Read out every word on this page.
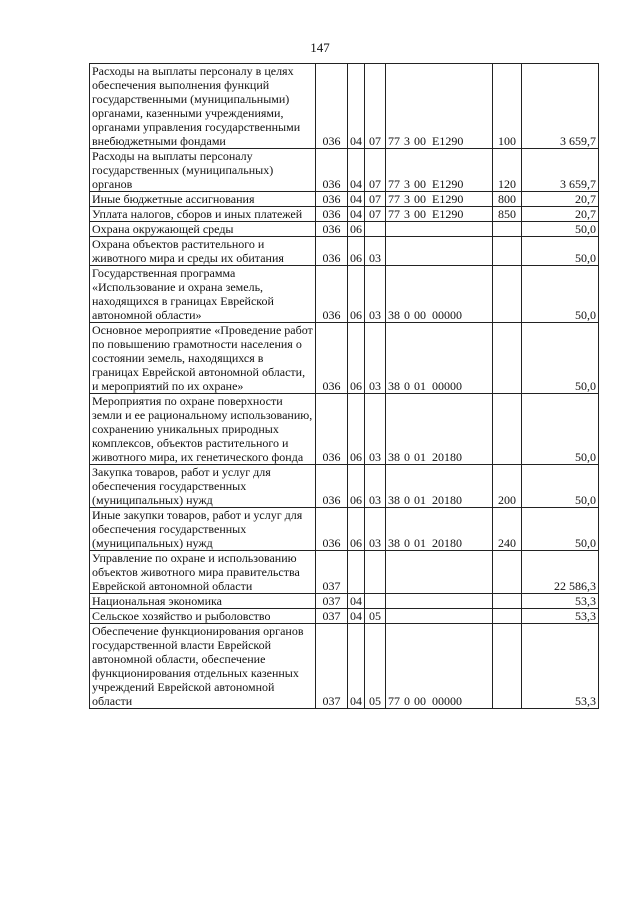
147
Расходы на выплаты персоналу в целях обеспечения выполнения функций государственными (муниципальными) органами, казенными учреждениями, органами управления государственными внебюджетными фондами	036	04	07	77 3 00 Е1290	100	3 659,7
Расходы на выплаты персоналу государственных (муниципальных) органов	036	04	07	77 3 00 Е1290	120	3 659,7
Иные бюджетные ассигнования	036	04	07	77 3 00 Е1290	800	20,7
Уплата налогов, сборов и иных платежей	036	04	07	77 3 00 Е1290	850	20,7
Охрана окружающей среды	036	06				50,0
Охрана объектов растительного и животного мира и среды их обитания	036	06	03			50,0
Государственная программа «Использование и охрана земель, находящихся в границах Еврейской автономной области»	036	06	03	38 0 00 00000		50,0
Основное мероприятие «Проведение работ по повышению грамотности населения о состоянии земель, находящихся в границах Еврейской автономной области, и мероприятий по их охране»	036	06	03	38 0 01 00000		50,0
Мероприятия по охране поверхности земли и ее рациональному использованию, сохранению уникальных природных комплексов, объектов растительного и животного мира, их генетического фонда	036	06	03	38 0 01 20180		50,0
Закупка товаров, работ и услуг для обеспечения государственных (муниципальных) нужд	036	06	03	38 0 01 20180	200	50,0
Иные закупки товаров, работ и услуг для обеспечения государственных (муниципальных) нужд	036	06	03	38 0 01 20180	240	50,0
Управление по охране и использованию объектов животного мира правительства Еврейской автономной области	037					22 586,3
Национальная экономика	037	04				53,3
Сельское хозяйство и рыболовство	037	04	05			53,3
Обеспечение функционирования органов государственной власти Еврейской автономной области, обеспечение функционирования отдельных казенных учреждений Еврейской автономной области	037	04	05	77 0 00 00000		53,3
